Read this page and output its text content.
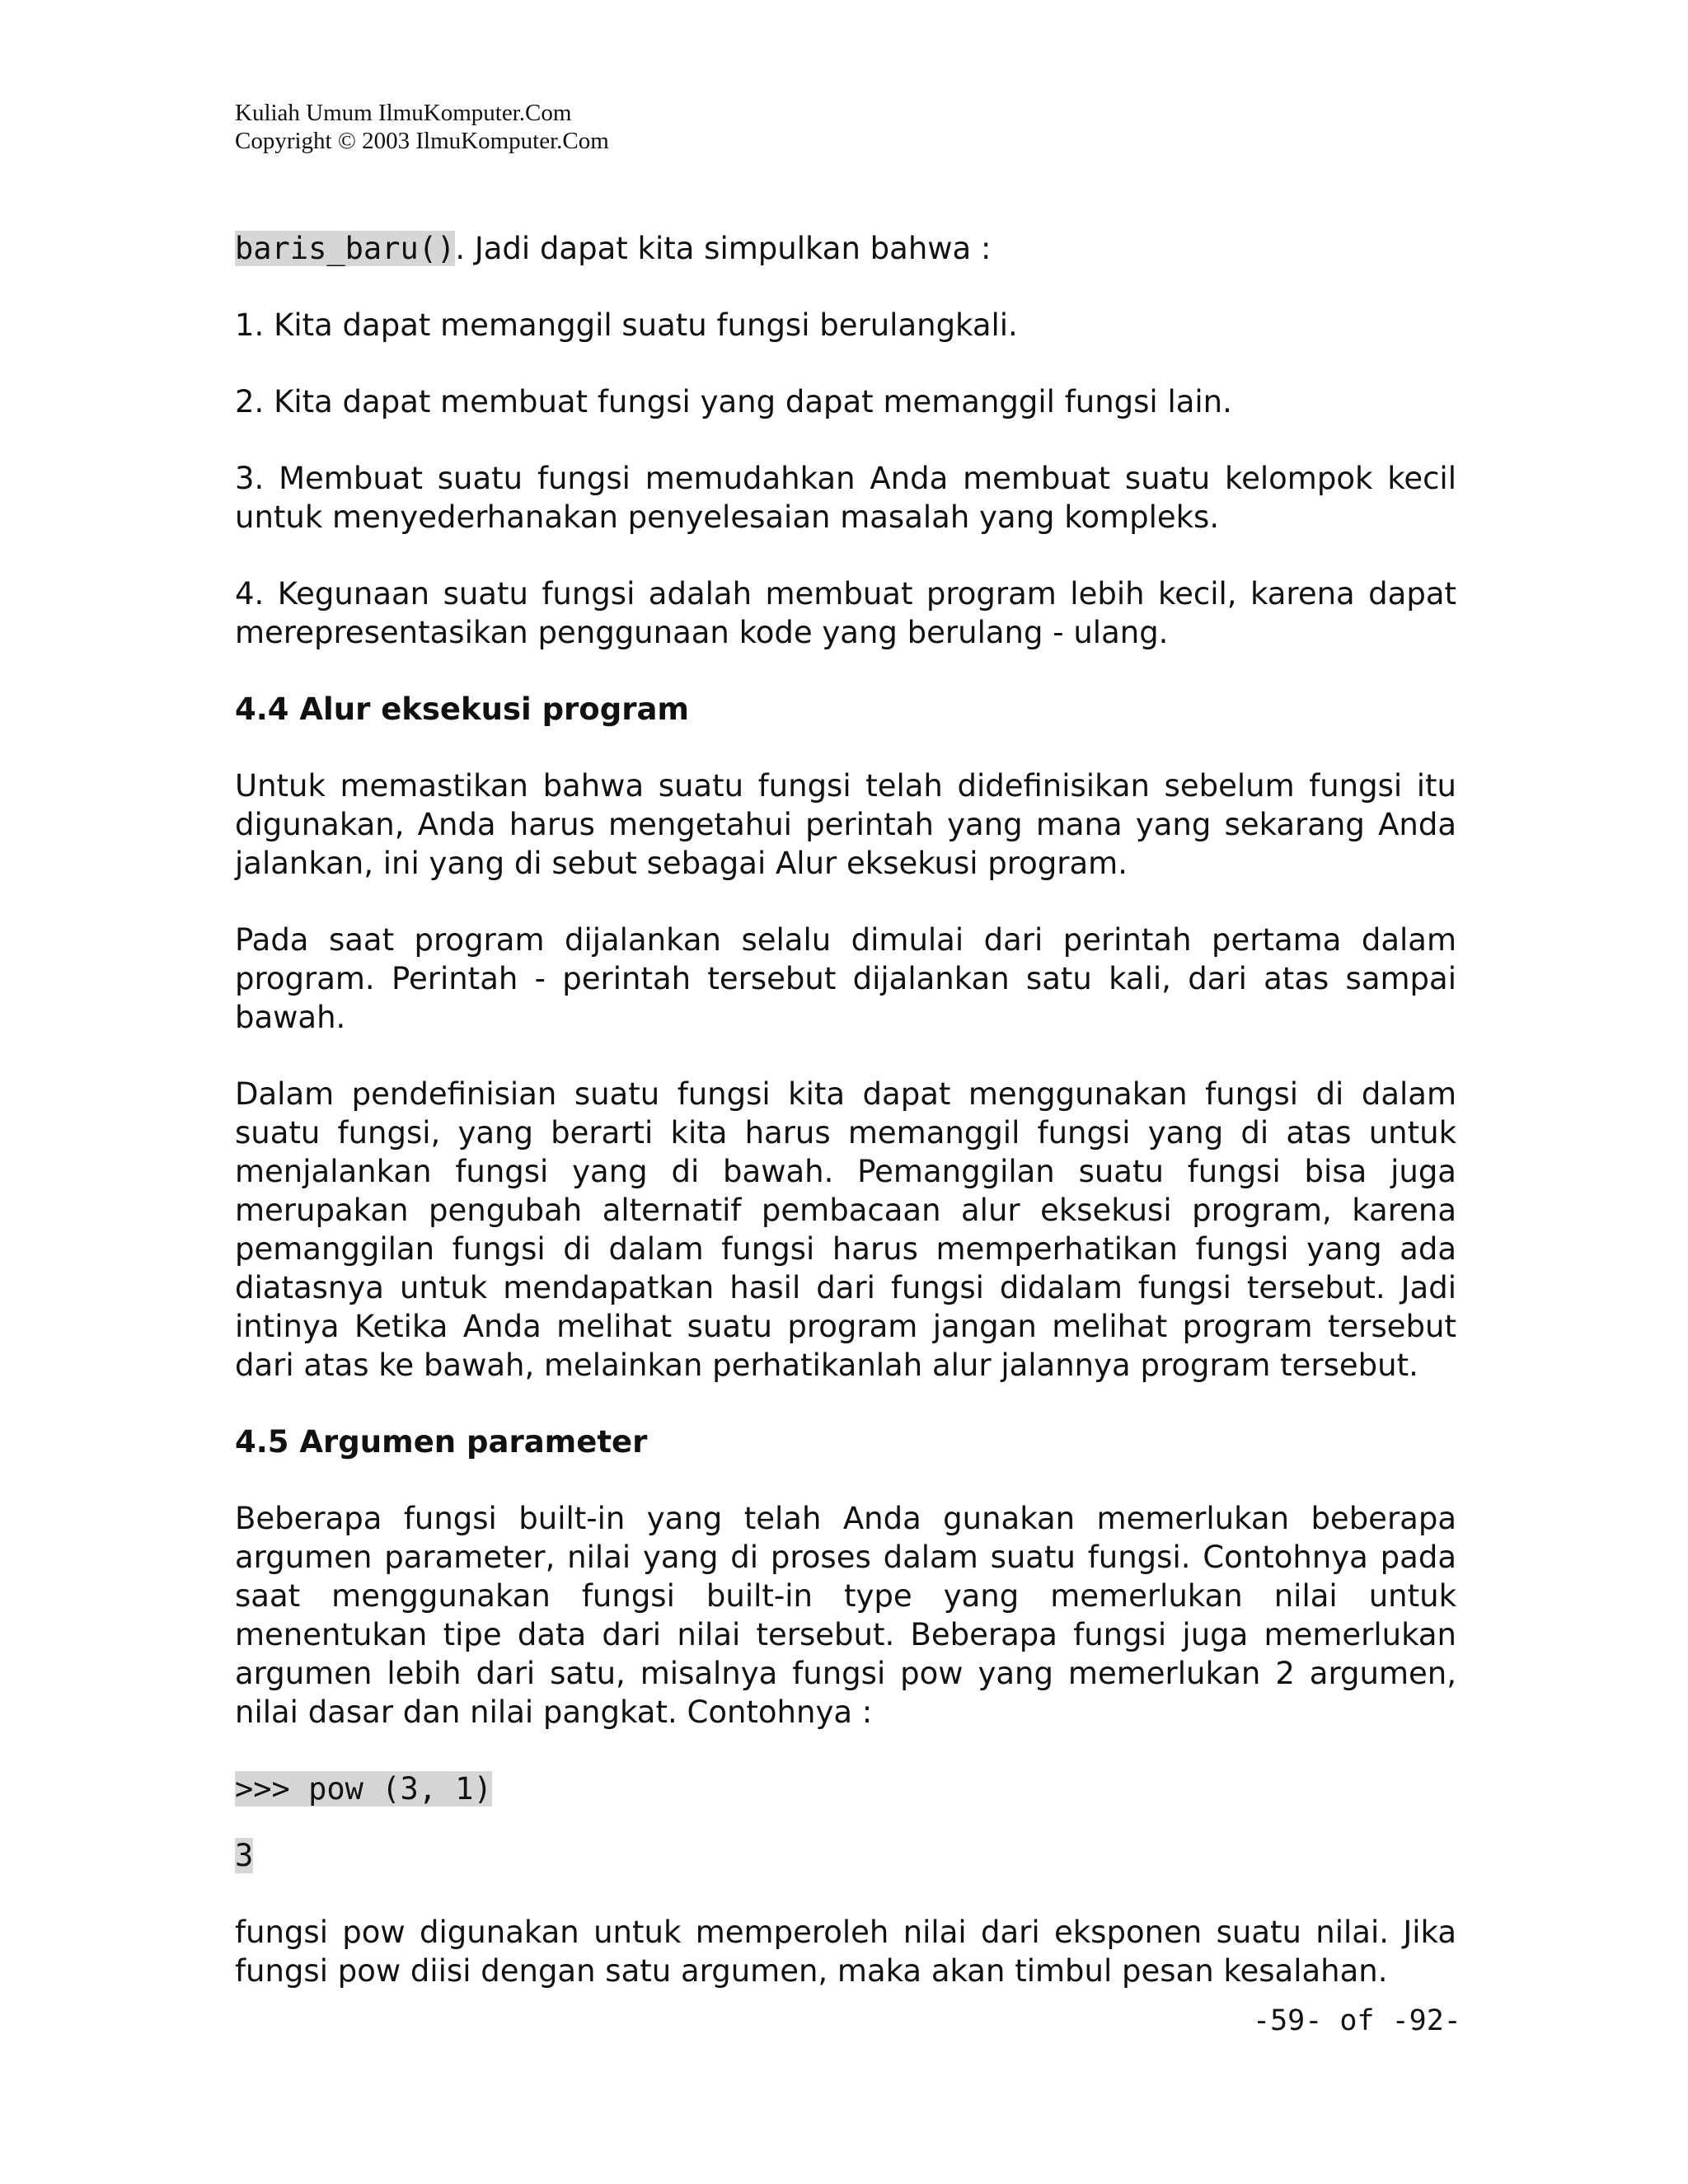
Kuliah Umum IlmuKomputer.Com
Copyright © 2003 IlmuKomputer.Com

baris_baru(). Jadi dapat kita simpulkan bahwa :

1. Kita dapat memanggil suatu fungsi berulangkali.

2. Kita dapat membuat fungsi yang dapat memanggil fungsi lain.

3. Membuat suatu fungsi memudahkan Anda membuat suatu kelompok kecil untuk menyederhanakan penyelesaian masalah yang kompleks.

4. Kegunaan suatu fungsi adalah membuat program lebih kecil, karena dapat merepresentasikan penggunaan kode yang berulang - ulang.

4.4 Alur eksekusi program

Untuk memastikan bahwa suatu fungsi telah didefinisikan sebelum fungsi itu digunakan, Anda harus mengetahui perintah yang mana yang sekarang Anda jalankan, ini yang di sebut sebagai Alur eksekusi program.

Pada saat program dijalankan selalu dimulai dari perintah pertama dalam program. Perintah - perintah tersebut dijalankan satu kali, dari atas sampai bawah.

Dalam pendefinisian suatu fungsi kita dapat menggunakan fungsi di dalam suatu fungsi, yang berarti kita harus memanggil fungsi yang di atas untuk menjalankan fungsi yang di bawah. Pemanggilan suatu fungsi bisa juga merupakan pengubah alternatif pembacaan alur eksekusi program, karena pemanggilan fungsi di dalam fungsi harus memperhatikan fungsi yang ada diatasnya untuk mendapatkan hasil dari fungsi didalam fungsi tersebut. Jadi intinya Ketika Anda melihat suatu program jangan melihat program tersebut dari atas ke bawah, melainkan perhatikanlah alur jalannya program tersebut.

4.5 Argumen parameter

Beberapa fungsi built-in yang telah Anda gunakan memerlukan beberapa argumen parameter, nilai yang di proses dalam suatu fungsi. Contohnya pada saat menggunakan fungsi built-in type yang memerlukan nilai untuk menentukan tipe data dari nilai tersebut. Beberapa fungsi juga memerlukan argumen lebih dari satu, misalnya fungsi pow yang memerlukan 2 argumen, nilai dasar dan nilai pangkat. Contohnya :

>>> pow (3, 1)
3

fungsi pow digunakan untuk memperoleh nilai dari eksponen suatu nilai. Jika fungsi pow diisi dengan satu argumen, maka akan timbul pesan kesalahan.

-59- of -92-
